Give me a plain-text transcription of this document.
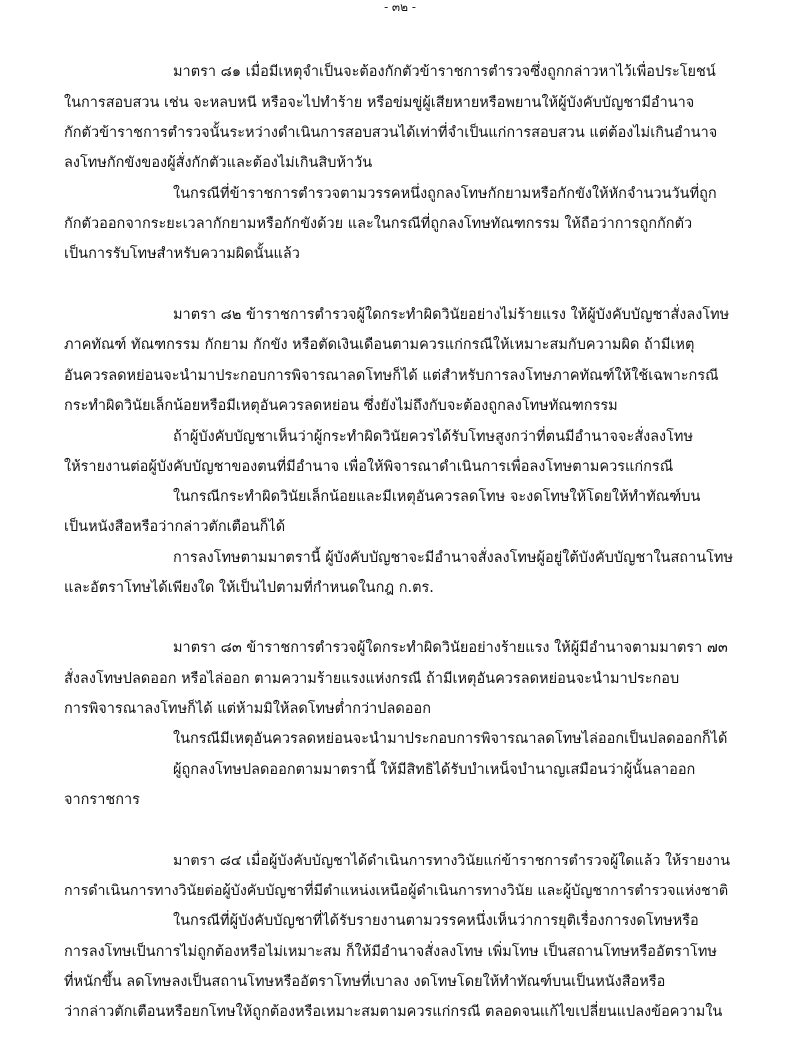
- ๓๒ -
มาตรา ๘๑ เมื่อมีเหตุจำเป็นจะต้องกักตัวข้าราชการตำรวจซึ่งถูกกล่าวหาไว้เพื่อประโยชน์
ในการสอบสวน เช่น จะหลบหนี หรือจะไปทำร้าย หรือข่มขู่ผู้เสียหายหรือพยานให้ผู้บังคับบัญชามีอำนาจ
กักตัวข้าราชการตำรวจนั้นระหว่างดำเนินการสอบสวนได้เท่าที่จำเป็นแก่การสอบสวน แต่ต้องไม่เกินอำนาจ
ลงโทษกักขังของผู้สั่งกักตัวและต้องไม่เกินสิบห้าวัน
ในกรณีที่ข้าราชการตำรวจตามวรรคหนึ่งถูกลงโทษกักยามหรือกักขังให้หักจำนวนวันที่ถูก
กักตัวออกจากระยะเวลากักยามหรือกักขังด้วย และในกรณีที่ถูกลงโทษทัณฑกรรม ให้ถือว่าการถูกกักตัว
เป็นการรับโทษสำหรับความผิดนั้นแล้ว
มาตรา ๘๒ ข้าราชการตำรวจผู้ใดกระทำผิดวินัยอย่างไม่ร้ายแรง ให้ผู้บังคับบัญชาสั่งลงโทษ
ภาคทัณฑ์ ทัณฑกรรม กักยาม กักขัง หรือตัดเงินเดือนตามควรแก่กรณีให้เหมาะสมกับความผิด ถ้ามีเหตุ
อันควรลดหย่อนจะนำมาประกอบการพิจารณาลดโทษก็ได้ แต่สำหรับการลงโทษภาคทัณฑ์ให้ใช้เฉพาะกรณี
กระทำผิดวินัยเล็กน้อยหรือมีเหตุอันควรลดหย่อน ซึ่งยังไม่ถึงกับจะต้องถูกลงโทษทัณฑกรรม
ถ้าผู้บังคับบัญชาเห็นว่าผู้กระทำผิดวินัยควรได้รับโทษสูงกว่าที่ตนมีอำนาจจะสั่งลงโทษ
ให้รายงานต่อผู้บังคับบัญชาของตนที่มีอำนาจ เพื่อให้พิจารณาดำเนินการเพื่อลงโทษตามควรแก่กรณี
ในกรณีกระทำผิดวินัยเล็กน้อยและมีเหตุอันควรลดโทษ จะงดโทษให้โดยให้ทำทัณฑ์บน
เป็นหนังสือหรือว่ากล่าวตักเตือนก็ได้
การลงโทษตามมาตรานี้ ผู้บังคับบัญชาจะมีอำนาจสั่งลงโทษผู้อยู่ใต้บังคับบัญชาในสถานโทษ
และอัตราโทษได้เพียงใด ให้เป็นไปตามที่กำหนดในกฎ ก.ตร.
มาตรา ๘๓ ข้าราชการตำรวจผู้ใดกระทำผิดวินัยอย่างร้ายแรง ให้ผู้มีอำนาจตามมาตรา ๗๓
สั่งลงโทษปลดออก หรือไล่ออก ตามความร้ายแรงแห่งกรณี ถ้ามีเหตุอันควรลดหย่อนจะนำมาประกอบ
การพิจารณาลงโทษก็ได้ แต่ห้ามมิให้ลดโทษต่ำกว่าปลดออก
ในกรณีมีเหตุอันควรลดหย่อนจะนำมาประกอบการพิจารณาลดโทษไล่ออกเป็นปลดออกก็ได้
ผู้ถูกลงโทษปลดออกตามมาตรานี้ ให้มีสิทธิได้รับบำเหน็จบำนาญเสมือนว่าผู้นั้นลาออก
จากราชการ
มาตรา ๘๔ เมื่อผู้บังคับบัญชาได้ดำเนินการทางวินัยแก่ข้าราชการตำรวจผู้ใดแล้ว ให้รายงาน
การดำเนินการทางวินัยต่อผู้บังคับบัญชาที่มีตำแหน่งเหนือผู้ดำเนินการทางวินัย และผู้บัญชาการตำรวจแห่งชาติ
ในกรณีที่ผู้บังคับบัญชาที่ได้รับรายงานตามวรรคหนึ่งเห็นว่าการยุติเรื่องการงดโทษหรือ
การลงโทษเป็นการไม่ถูกต้องหรือไม่เหมาะสม ก็ให้มีอำนาจสั่งลงโทษ เพิ่มโทษ เป็นสถานโทษหรืออัตราโทษ
ที่หนักขึ้น ลดโทษลงเป็นสถานโทษหรืออัตราโทษที่เบาลง งดโทษโดยให้ทำทัณฑ์บนเป็นหนังสือหรือ
ว่ากล่าวตักเตือนหรือยกโทษให้ถูกต้องหรือเหมาะสมตามควรแก่กรณี ตลอดจนแก้ไขเปลี่ยนแปลงข้อความใน
